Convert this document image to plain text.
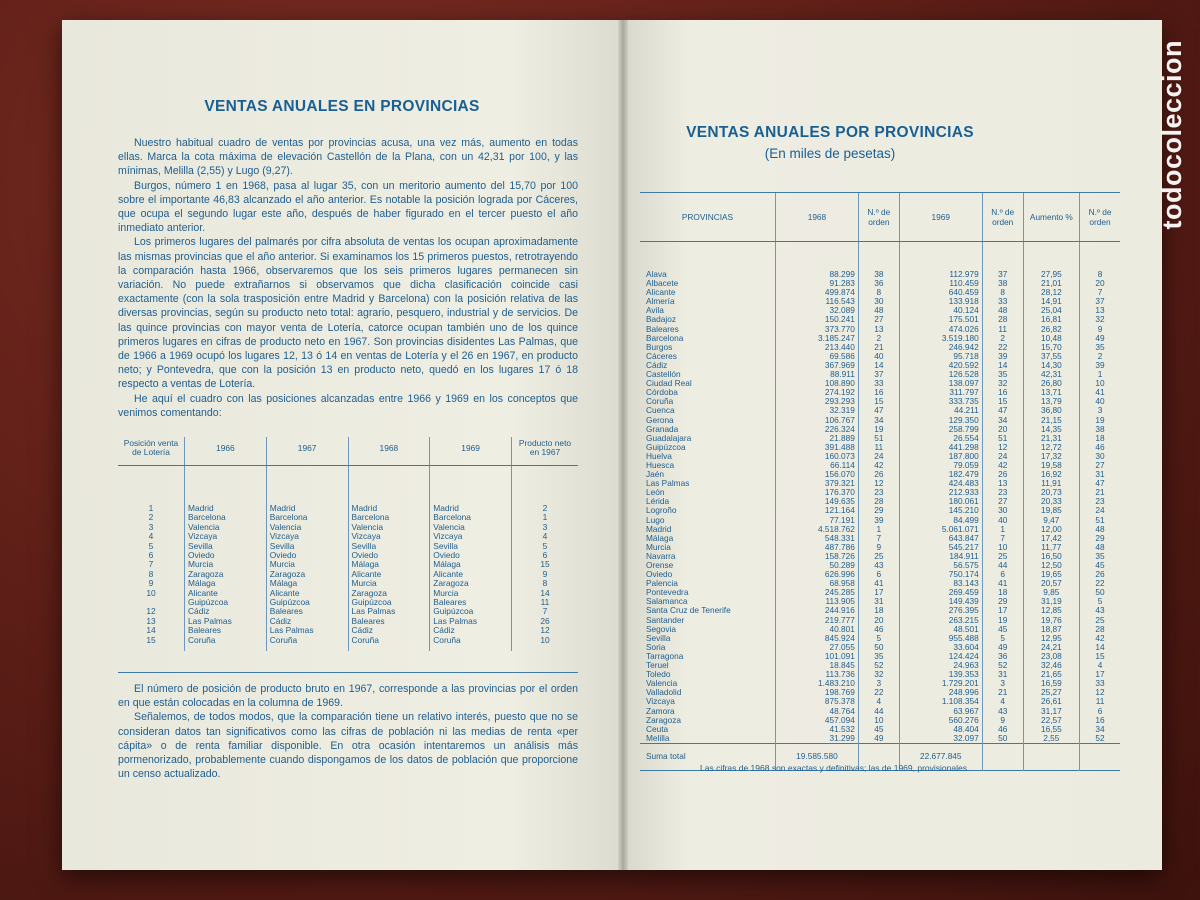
VENTAS ANUALES EN PROVINCIAS

Nuestro habitual cuadro de ventas por provincias acusa, una vez más, aumento en todas ellas. Marca la cota máxima de elevación Castellón de la Plana, con un 42,31 por 100, y las mínimas, Melilla (2,55) y Lugo (9,27).

Burgos, número 1 en 1968, pasa al lugar 35, con un meritorio aumento del 15,70 por 100 sobre el importante 46,83 alcanzado el año anterior. Es notable la posición lograda por Cáceres, que ocupa el segundo lugar este año, después de haber figurado en el tercer puesto el año inmediato anterior.

Los primeros lugares del palmarés por cifra absoluta de ventas los ocupan aproximadamente las mismas provincias que el año anterior. Si examinamos los 15 primeros puestos, retrotrayendo la comparación hasta 1966, observaremos que los seis primeros lugares permanecen sin variación. No puede extrañarnos si observamos que dicha clasificación coincide casi exactamente (con la sola trasposición entre Madrid y Barcelona) con la posición relativa de las diversas provincias, según su producto neto total: agrario, pesquero, industrial y de servicios. De las quince provincias con mayor venta de Lotería, catorce ocupan también uno de los quince primeros lugares en cifras de producto neto en 1967. Son provincias disidentes Las Palmas, que de 1966 a 1969 ocupó los lugares 12, 13 ó 14 en ventas de Lotería y el 26 en 1967, en producto neto; y Pontevedra, que con la posición 13 en producto neto, quedó en los lugares 17 ó 18 respecto a ventas de Lotería.

He aquí el cuadro con las posiciones alcanzadas entre 1966 y 1969 en los conceptos que venimos comentando:

Posición venta de Lotería	1966	1967	1968	1969	Producto neto en 1967
1	Madrid	Madrid	Madrid	Madrid	2
2	Barcelona	Barcelona	Barcelona	Barcelona	1
3	Valencia	Valencia	Valencia	Valencia	3
4	Vizcaya	Vizcaya	Vizcaya	Vizcaya	4
5	Sevilla	Sevilla	Sevilla	Sevilla	5
6	Oviedo	Oviedo	Oviedo	Oviedo	6
7	Murcia	Murcia	Málaga	Málaga	15
8	Zaragoza	Zaragoza	Alicante	Alicante	9
9	Málaga	Málaga	Murcia	Zaragoza	8
10	Alicante	Alicante	Zaragoza	Murcia	14
	Guipúzcoa	Guipúzcoa	Guipúzcoa	Baleares	11
12	Cádiz	Baleares	Las Palmas	Guipúzcoa	7
13	Las Palmas	Cádiz	Baleares	Las Palmas	26
14	Baleares	Las Palmas	Cádiz	Cádiz	12
15	Coruña	Coruña	Coruña	Coruña	10

El número de posición de producto bruto en 1967, corresponde a las provincias por el orden en que están colocadas en la columna de 1969.

Señalemos, de todos modos, que la comparación tiene un relativo interés, puesto que no se consideran datos tan significativos como las cifras de población ni las medias de renta «per cápita» o de renta familiar disponible. En otra ocasión intentaremos un análisis más pormenorizado, probablemente cuando dispongamos de los datos de población que proporcione un censo actualizado.

VENTAS ANUALES POR PROVINCIAS
(En miles de pesetas)
PROVINCIAS	1968	N.º de orden	1969	N.º de orden	Aumento %	N.º de orden
Alava	88.299	38	112.979	37	27,95	8
Albacete	91.283	36	110.459	38	21,01	20
Alicante	499.874	8	640.459	8	28,12	7
Almería	116.543	30	133.918	33	14,91	37
Avila	32.089	48	40.124	48	25,04	13
Badajoz	150.241	27	175.501	28	16,81	32
Baleares	373.770	13	474.026	11	26,82	9
Barcelona	3.185.247	2	3.519.180	2	10,48	49
Burgos	213.440	21	246.942	22	15,70	35
Cáceres	69.586	40	95.718	39	37,55	2
Cádiz	367.969	14	420.592	14	14,30	39
Castellón	88.911	37	126.528	35	42,31	1
Ciudad Real	108.890	33	138.097	32	26,80	10
Córdoba	274.192	16	311.797	16	13,71	41
Coruña	293.293	15	333.735	15	13,79	40
Cuenca	32.319	47	44.211	47	36,80	3
Gerona	106.767	34	129.350	34	21,15	19
Granada	226.324	19	258.799	20	14,35	38
Guadalajara	21.889	51	26.554	51	21,31	18
Guipúzcoa	391.488	11	441.298	12	12,72	46
Huelva	160.073	24	187.800	24	17,32	30
Huesca	66.114	42	79.059	42	19,58	27
Jaén	156.070	26	182.479	26	16,92	31
Las Palmas	379.321	12	424.483	13	11,91	47
León	176.370	23	212.933	23	20,73	21
Lérida	149.635	28	180.061	27	20,33	23
Logroño	121.164	29	145.210	30	19,85	24
Lugo	77.191	39	84.499	40	9,47	51
Madrid	4.518.762	1	5.061.071	1	12,00	48
Málaga	548.331	7	643.847	7	17,42	29
Murcia	487.786	9	545.217	10	11,77	48
Navarra	158.726	25	184.911	25	16,50	35
Orense	50.289	43	56.575	44	12,50	45
Oviedo	626.996	6	750.174	6	19,65	26
Palencia	68.958	41	83.143	41	20,57	22
Pontevedra	245.285	17	269.459	18	9,85	50
Salamanca	113.905	31	149.439	29	31,19	5
Santa Cruz de Tenerife	244.916	18	276.395	17	12,85	43
Santander	219.777	20	263.215	19	19,76	25
Segovia	40.801	46	48.501	45	18,87	28
Sevilla	845.924	5	955.488	5	12,95	42
Soria	27.055	50	33.604	49	24,21	14
Tarragona	101.091	35	124.424	36	23,08	15
Teruel	18.845	52	24.963	52	32,46	4
Toledo	113.736	32	139.353	31	21,65	17
Valencia	1.483.210	3	1.729.201	3	16,59	33
Valladolid	198.769	22	248.996	21	25,27	12
Vizcaya	875.378	4	1.108.354	4	26,61	11
Zamora	48.764	44	63.967	43	31,17	6
Zaragoza	457.094	10	560.276	9	22,57	16
Ceuta	41.532	45	48.404	46	16,55	34
Melilla	31.299	49	32.097	50	2,55	52
Suma total	19.585.580		22.677.845			

Las cifras de 1968 son exactas y definitivas; las de 1969, provisionales.
todocoleccion
